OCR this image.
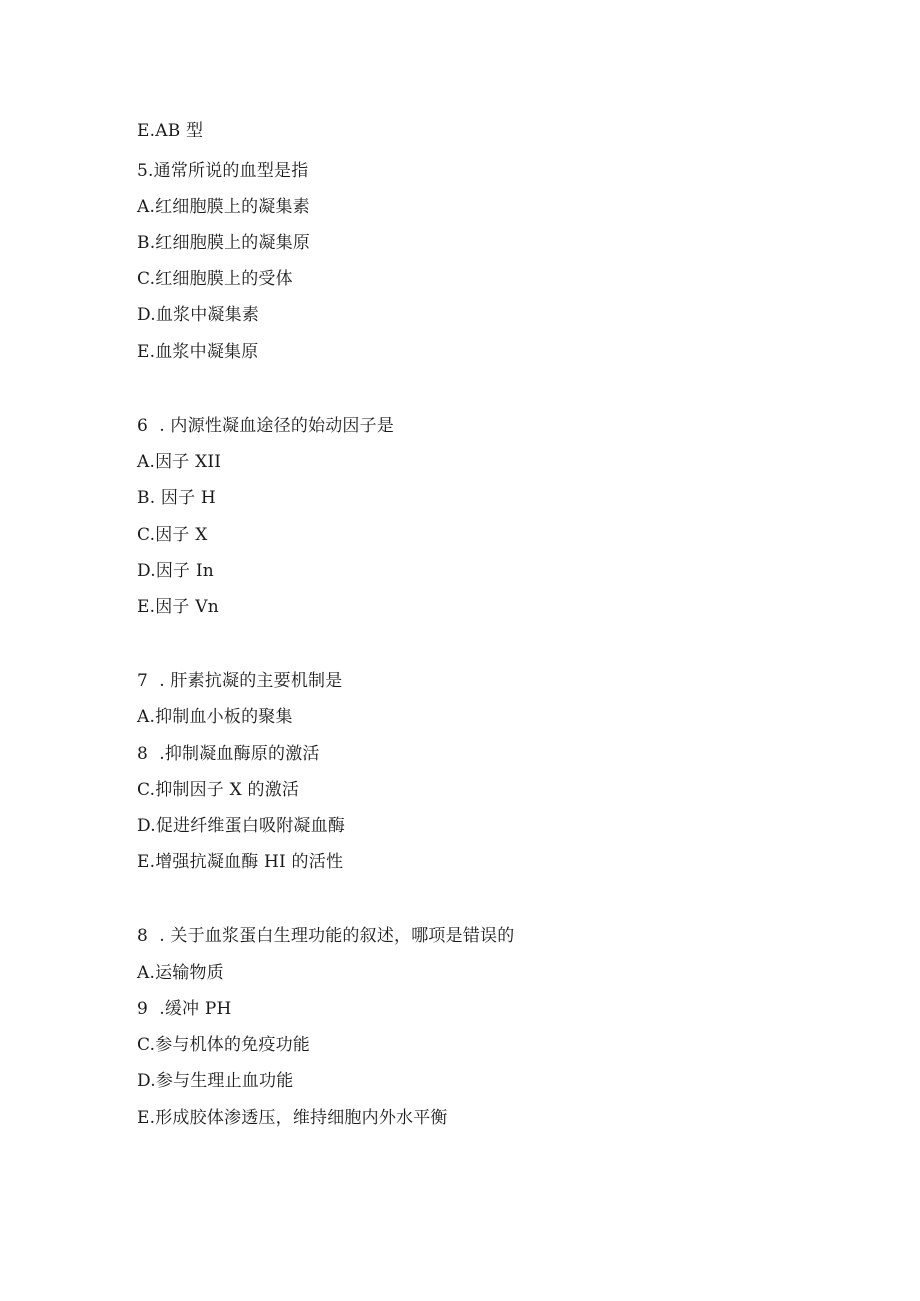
E.AB 型
5.通常所说的血型是指
A.红细胞膜上的凝集素
B.红细胞膜上的凝集原
C.红细胞膜上的受体
D.血浆中凝集素
E.血浆中凝集原
6  . 内源性凝血途径的始动因子是
A.因子 XII
B. 因子 H
C.因子 X
D.因子 In
E.因子 Vn
7  . 肝素抗凝的主要机制是
A.抑制血小板的聚集
8  .抑制凝血酶原的激活
C.抑制因子 X 的激活
D.促进纤维蛋白吸附凝血酶
E.增强抗凝血酶 HI 的活性
8  . 关于血浆蛋白生理功能的叙述，哪项是错误的
A.运输物质
9  .缓冲 PH
C.参与机体的免疫功能
D.参与生理止血功能
E.形成胶体渗透压，维持细胞内外水平衡
